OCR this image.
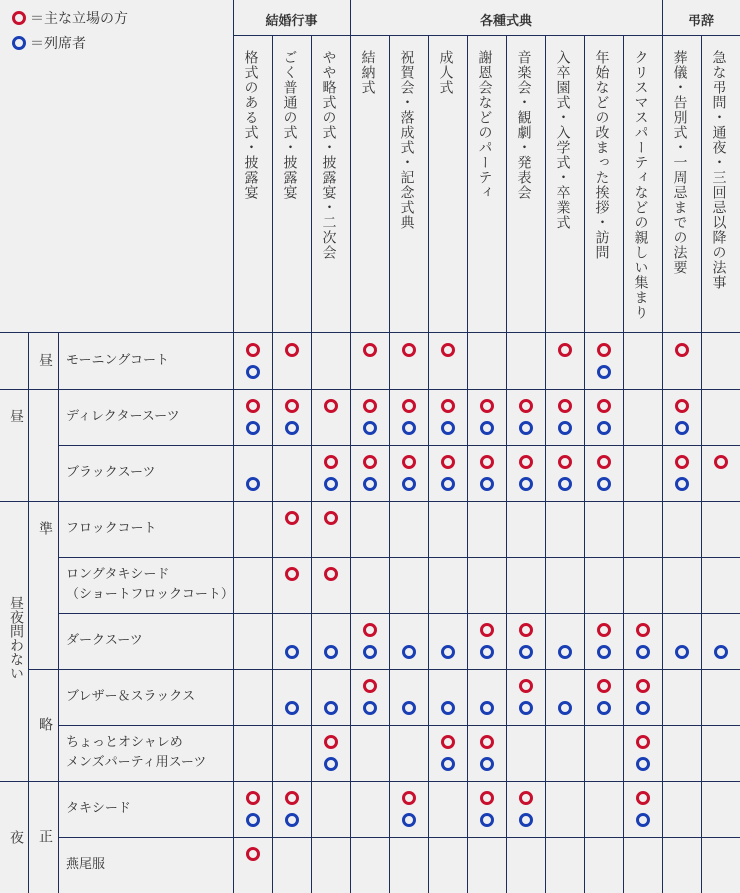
＝主な立場の方
＝列席者
結婚行事	各種式典	弔辞
格式のある式・披露宴 ごく普通の式・披露宴 やや略式の式・披露宴・二次会 結納式 祝賀会・落成式・記念式典 成人式 謝恩会などのパーティ 音楽会・観劇・発表会 入卒園式・入学式・卒業式 年始などの改まった挨拶・訪問 クリスマスパーティなどの親しい集まり 葬儀・告別式・一周忌までの法要 急な弔問・通夜・三回忌以降の法事
昼
昼夜問わない
夜
昼
準
略
正
モーニングコート
ディレクタースーツ
ブラックスーツ
フロックコート
ロングタキシード
（ショートフロックコート）
ダークスーツ
ブレザー＆スラックス
ちょっとオシャレめ
メンズパーティ用スーツ
タキシード
燕尾服
